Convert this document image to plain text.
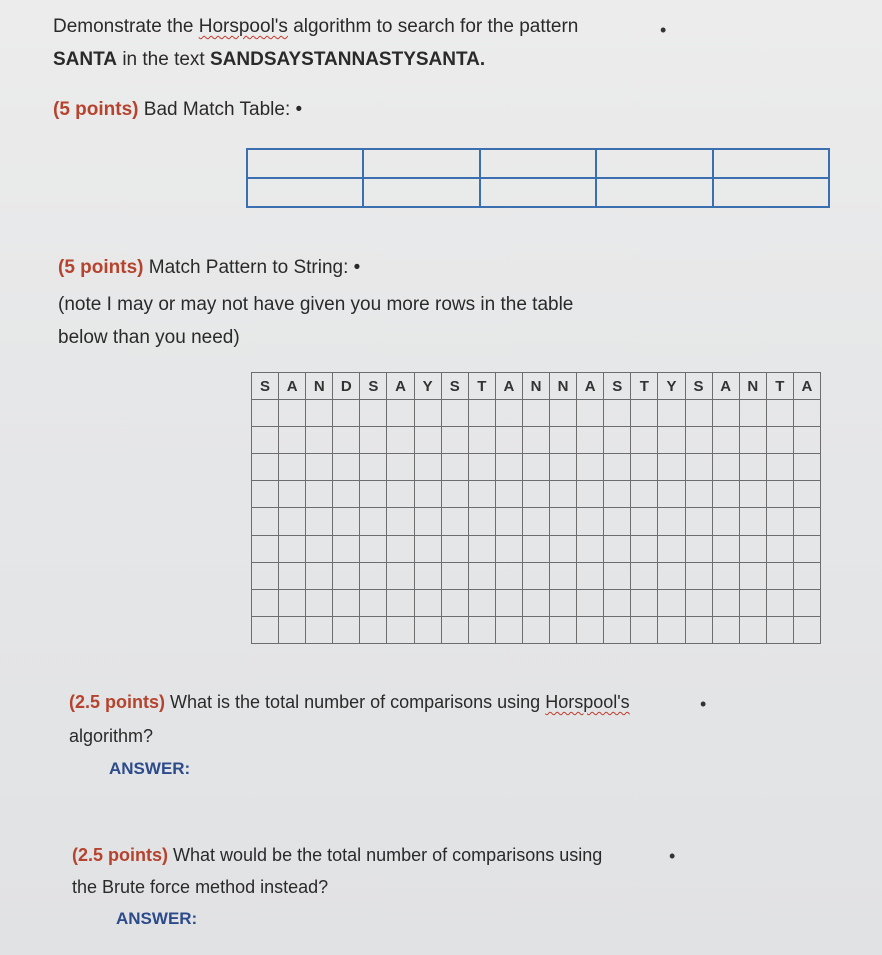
Demonstrate the Horspool's algorithm to search for the pattern	•
SANTA in the text SANDSAYSTANNASTYSANTA.
(5 points) Bad Match Table: •

(5 points) Match Pattern to String: •
(note I may or may not have given you more rows in the table
below than you need)
S	A	N	D	S	A	Y	S	T	A	N	N	A	S	T	Y	S	A	N	T	A

(2.5 points) What is the total number of comparisons using Horspool's	•
algorithm?
ANSWER:
(2.5 points) What would be the total number of comparisons using	•
the Brute force method instead?
ANSWER:
